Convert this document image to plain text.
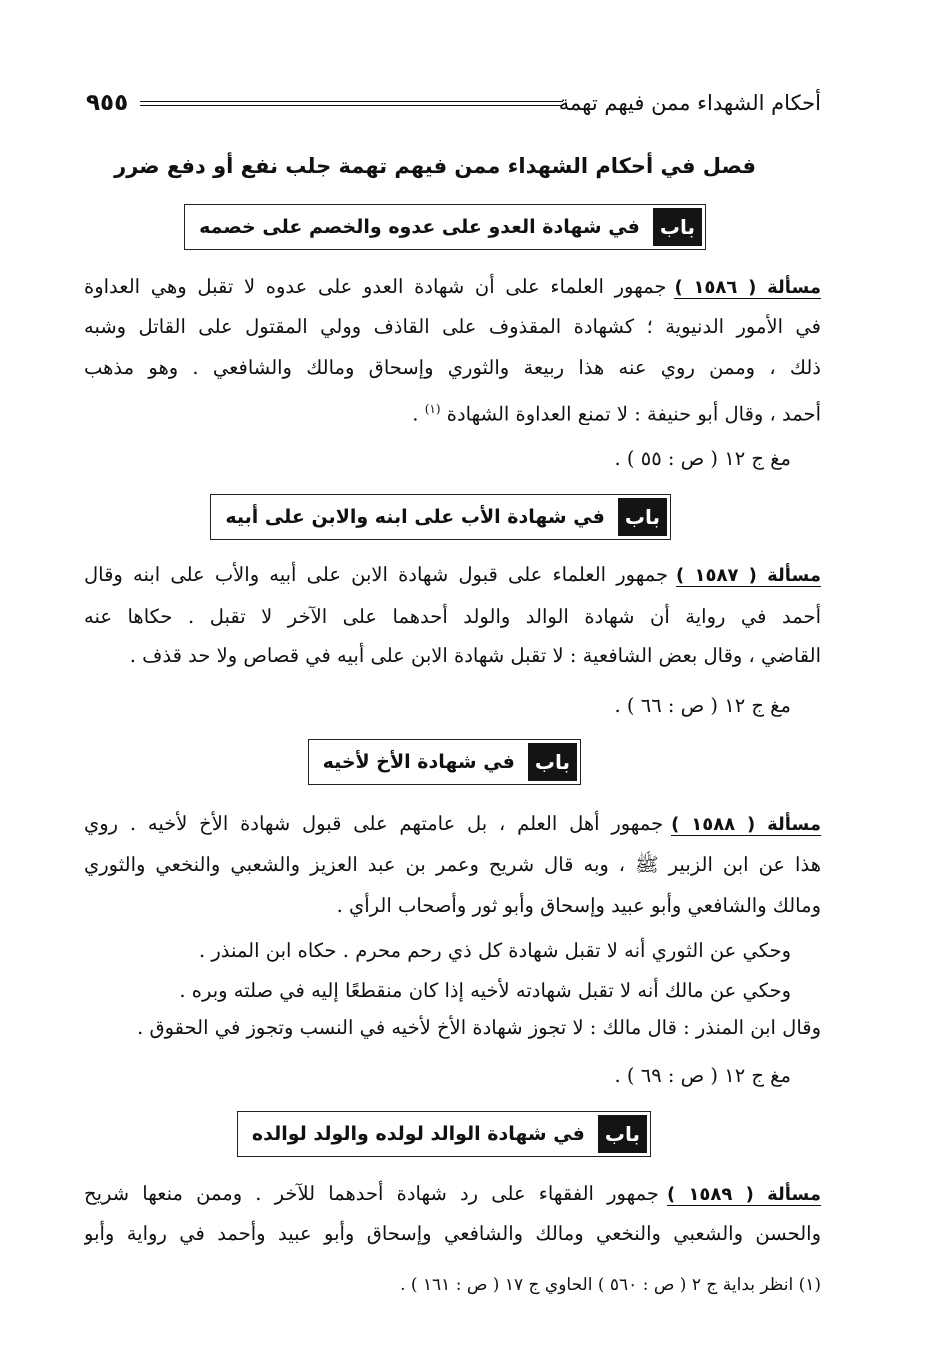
أحكام الشهداء ممن فيهم تهمة
٩٥٥
فصل في أحكام الشهداء ممن فيهم تهمة جلب نفع أو دفع ضرر
باب
في شهادة العدو على عدوه والخصم على خصمه
مسألة ( ١٥٨٦ )جمهور العلماء على أن شهادة العدو على عدوه لا تقبل وهي العداوة
في الأمور الدنيوية ؛ كشهادة المقذوف على القاذف وولي المقتول على القاتل وشبه
ذلك ، وممن روي عنه هذا ربيعة والثوري وإسحاق ومالك والشافعي . وهو مذهب
أحمد ، وقال أبو حنيفة : لا تمنع العداوة الشهادة $^{(١)}$ .
مغ ج ١٢ ( ص : ٥٥ ) .
باب
في شهادة الأب على ابنه والابن على أبيه
مسألة ( ١٥٨٧ )جمهور العلماء على قبول شهادة الابن على أبيه والأب على ابنه وقال
أحمد في رواية أن شهادة الوالد والولد أحدهما على الآخر لا تقبل . حكاها عنه
القاضي ، وقال بعض الشافعية : لا تقبل شهادة الابن على أبيه في قصاص ولا حد قذف .
مغ ج ١٢ ( ص : ٦٦ ) .
باب
في شهادة الأخ لأخيه
مسألة ( ١٥٨٨ )جمهور أهل العلم ، بل عامتهم على قبول شهادة الأخ لأخيه . روي
هذا عن ابن الزبير ﷺ ، وبه قال شريح وعمر بن عبد العزيز والشعبي والنخعي والثوري
ومالك والشافعي وأبو عبيد وإسحاق وأبو ثور وأصحاب الرأي .
وحكي عن الثوري أنه لا تقبل شهادة كل ذي رحم محرم . حكاه ابن المنذر .
وحكي عن مالك أنه لا تقبل شهادته لأخيه إذا كان منقطعًا إليه في صلته وبره .
وقال ابن المنذر : قال مالك : لا تجوز شهادة الأخ لأخيه في النسب وتجوز في الحقوق .
مغ ج ١٢ ( ص : ٦٩ ) .
باب
في شهادة الوالد لولده والولد لوالده
مسألة ( ١٥٨٩ )جمهور الفقهاء على رد شهادة أحدهما للآخر . وممن منعها شريح
والحسن والشعبي والنخعي ومالك والشافعي وإسحاق وأبو عبيد وأحمد في رواية وأبو
(١) انظر بداية ج ٢ ( ص : ٥٦٠ ) الحاوي ج ١٧ ( ص : ١٦١ ) .
